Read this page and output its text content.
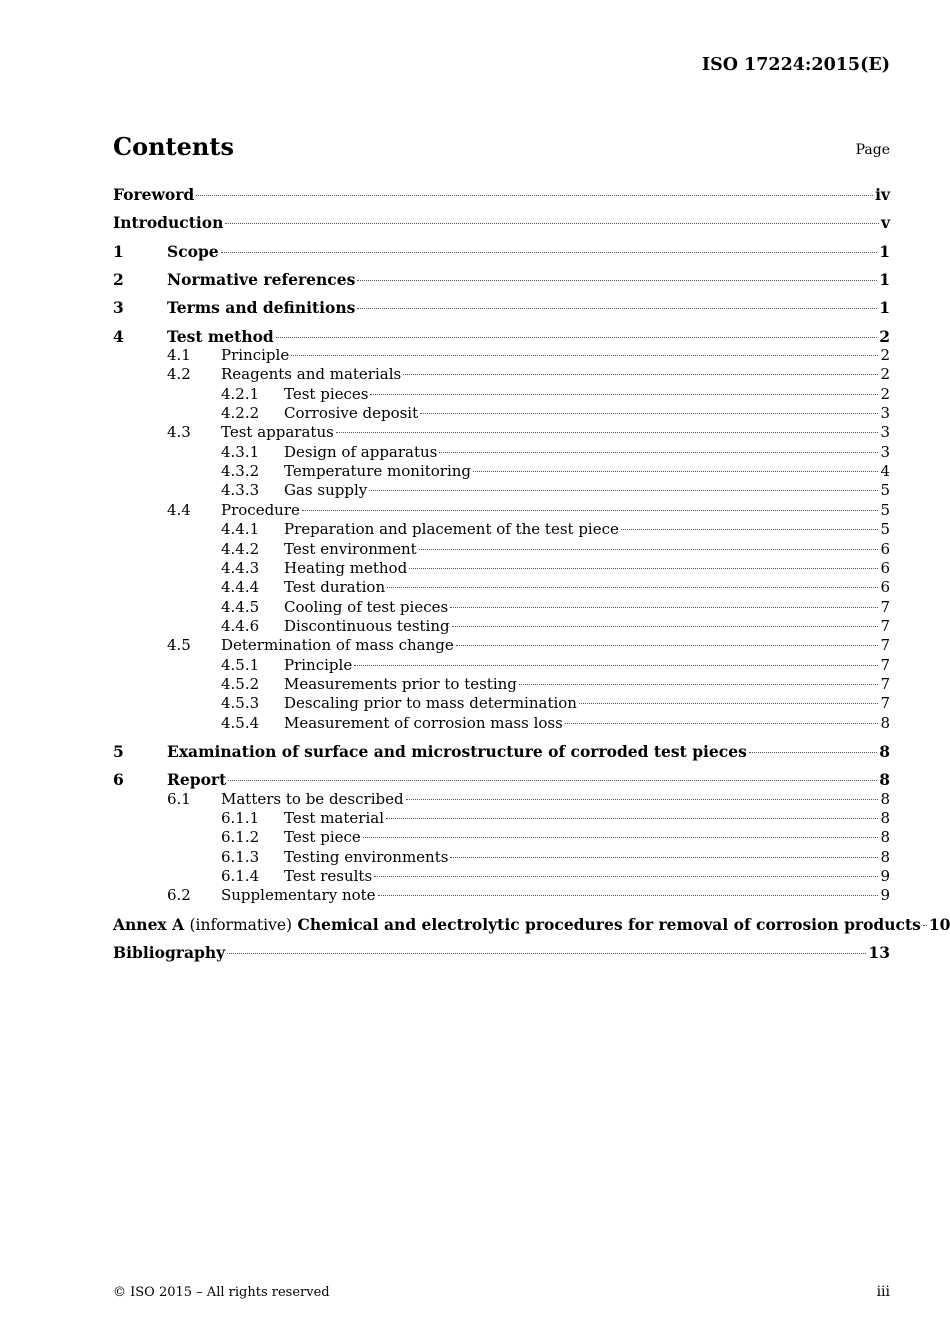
ISO 17224:2015(E)
Contents	Page
Foreword	iv
Introduction	v
1	Scope	1
2	Normative references	1
3	Terms and definitions	1
4	Test method	2
4.1	Principle	2
4.2	Reagents and materials	2
4.2.1	Test pieces	2
4.2.2	Corrosive deposit	3
4.3	Test apparatus	3
4.3.1	Design of apparatus	3
4.3.2	Temperature monitoring	4
4.3.3	Gas supply	5
4.4	Procedure	5
4.4.1	Preparation and placement of the test piece	5
4.4.2	Test environment	6
4.4.3	Heating method	6
4.4.4	Test duration	6
4.4.5	Cooling of test pieces	7
4.4.6	Discontinuous testing	7
4.5	Determination of mass change	7
4.5.1	Principle	7
4.5.2	Measurements prior to testing	7
4.5.3	Descaling prior to mass determination	7
4.5.4	Measurement of corrosion mass loss	8
5	Examination of surface and microstructure of corroded test pieces	8
6	Report	8
6.1	Matters to be described	8
6.1.1	Test material	8
6.1.2	Test piece	8
6.1.3	Testing environments	8
6.1.4	Test results	9
6.2	Supplementary note	9
Annex A (informative) Chemical and electrolytic procedures for removal of corrosion products 10
Bibliography	13
© ISO 2015 – All rights reserved	iii
